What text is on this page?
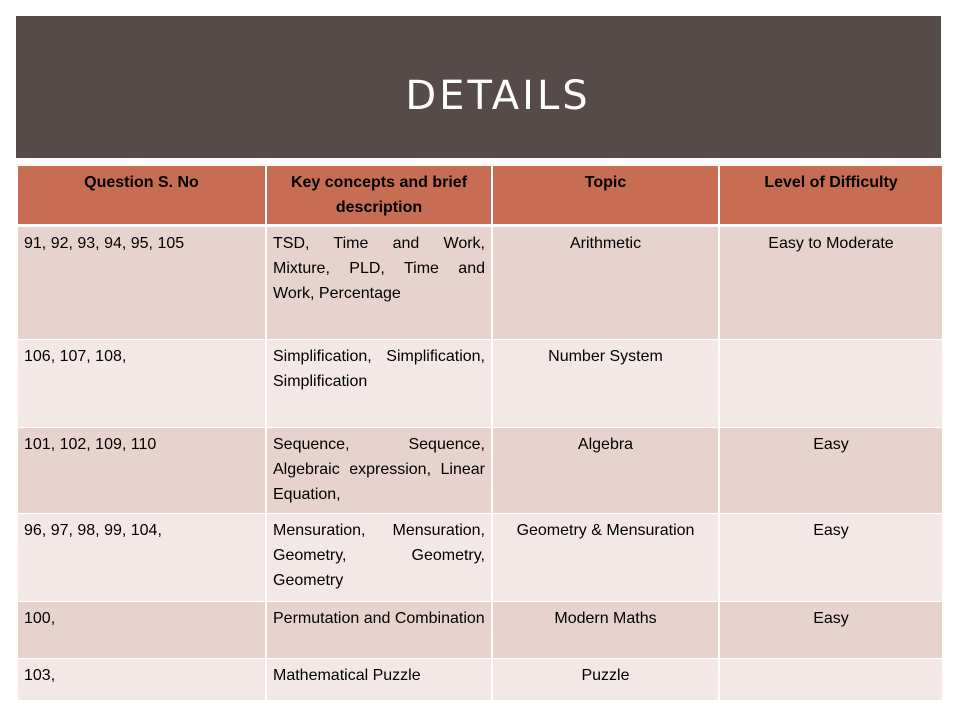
DETAILS
Question S. No	Key concepts and brief description	Topic	Level of Difficulty
91, 92, 93, 94, 95, 105	TSD, Time and Work, Mixture, PLD, Time and Work, Percentage	Arithmetic	Easy to Moderate
106, 107, 108,	Simplification, Simplification, Simplification	Number System	
101, 102, 109, 110	Sequence, Sequence, Algebraic expression, Linear Equation,	Algebra	Easy
96, 97, 98, 99, 104,	Mensuration, Mensuration, Geometry, Geometry, Geometry	Geometry & Mensuration	Easy
100,	Permutation and Combination	Modern Maths	Easy
103,	Mathematical Puzzle	Puzzle	
